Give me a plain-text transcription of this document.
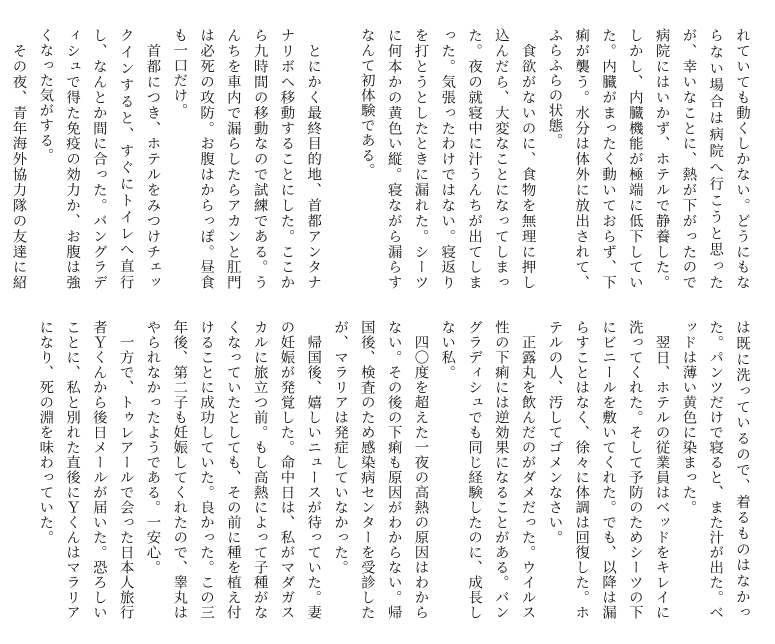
れていても動くしかない。どうにもならない場合は病院へ行こうと思ったが、幸いなことに、熱が下がったので病院にはいかず、ホテルで静養した。しかし、内臓機能が極端に低下していた。内臓がまったく動いておらず、下痢が襲う。水分は体外に放出されて、ふらふらの状態。
　食欲がないのに、食物を無理に押し込んだら、大変なことになってしまった。夜の就寝中に汁うんちが出てしまった。気張ったわけではない。寝返りを打とうとしたときに漏れた。シーツに何本かの黄色い縦。寝ながら漏らすなんて初体験である。

　とにかく最終目的地、首都アンタナナリボへ移動することにした。ここから九時間の移動なので試練である。うんちを車内で漏らしたらアカンと肛門は必死の攻防。お腹はからっぽ。昼食も一口だけ。
　首都につき、ホテルをみつけチェックインすると、すぐにトイレへ直行し、なんとか間に合った。バングラディシュで得た免疫の効力か、お腹は強くなった気がする。
　その夜、青年海外協力隊の友達に紹

は既に洗っているので、着るものはなかった。パンツだけで寝ると、また汁が出た。ベッドは薄い黄色に染まった。
　翌日、ホテルの従業員はベッドをキレイに洗ってくれた。そして予防のためシーツの下にビニールを敷いてくれた。でも、以降は漏らすことはなく、徐々に体調は回復した。ホテルの人、汚してゴメンなさい。
　正露丸を飲んだのがダメだった。ウイルス性の下痢には逆効果になることがある。バングラディシュでも同じ経験したのに、成長しない私。
　四〇度を超えた一夜の高熱の原因はわからない。その後の下痢も原因がわからない。帰国後、検査のため感染病センターを受診したが、マラリアは発症していなかった。
　帰国後、嬉しいニュースが待っていた。妻の妊娠が発覚した。命中日は、私がマダガスカルに旅立つ前。もし高熱によって子種がなくなっていたとしても、その前に種を植え付けることに成功していた。良かった。この三年後、第二子も妊娠してくれたので、睾丸はやられなかったようである。一安心。
　一方で、トゥレアールで会った日本人旅行者Ｙくんから後日メールが届いた。恐ろしいことに、私と別れた直後にＹくんはマラリアになり、死の淵を味わっていた。
